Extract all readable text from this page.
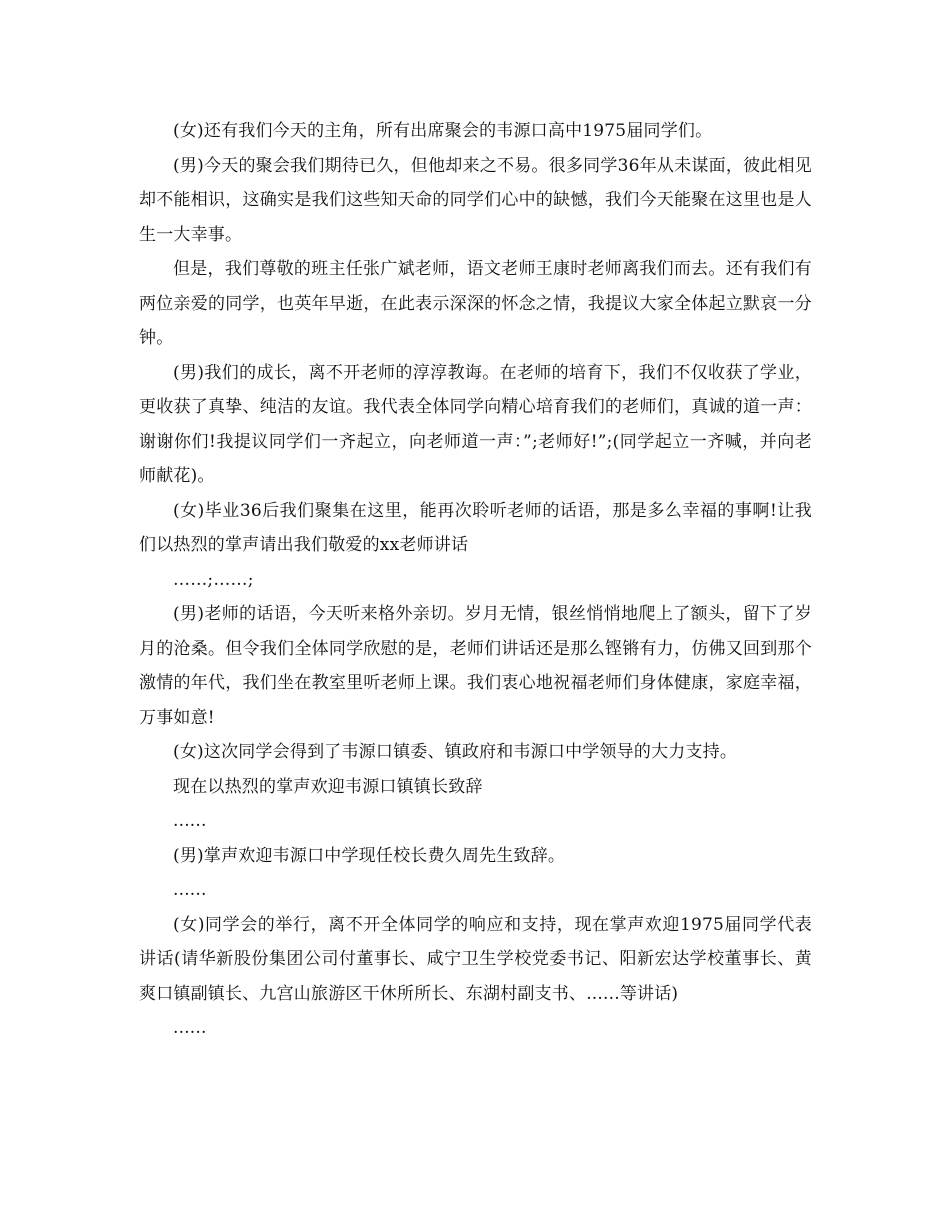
(女)还有我们今天的主角，所有出席聚会的韦源口高中1975届同学们。

(男)今天的聚会我们期待已久，但他却来之不易。很多同学36年从未谋面，彼此相见却不能相识，这确实是我们这些知天命的同学们心中的缺憾，我们今天能聚在这里也是人生一大幸事。

但是，我们尊敬的班主任张广斌老师，语文老师王康时老师离我们而去。还有我们有两位亲爱的同学，也英年早逝，在此表示深深的怀念之情，我提议大家全体起立默哀一分钟。

(男)我们的成长，离不开老师的淳淳教诲。在老师的培育下，我们不仅收获了学业，更收获了真挚、纯洁的友谊。我代表全体同学向精心培育我们的老师们，真诚的道一声：谢谢你们!我提议同学们一齐起立，向老师道一声：”;老师好!”;(同学起立一齐喊，并向老师献花)。

(女)毕业36后我们聚集在这里，能再次聆听老师的话语，那是多么幸福的事啊!让我们以热烈的掌声请出我们敬爱的xx老师讲话

……;……;

(男)老师的话语，今天听来格外亲切。岁月无情，银丝悄悄地爬上了额头，留下了岁月的沧桑。但令我们全体同学欣慰的是，老师们讲话还是那么铿锵有力，仿佛又回到那个激情的年代，我们坐在教室里听老师上课。我们衷心地祝福老师们身体健康，家庭幸福，万事如意!

(女)这次同学会得到了韦源口镇委、镇政府和韦源口中学领导的大力支持。

现在以热烈的掌声欢迎韦源口镇镇长致辞

......

(男)掌声欢迎韦源口中学现任校长费久周先生致辞。

......

(女)同学会的举行，离不开全体同学的响应和支持，现在掌声欢迎1975届同学代表讲话(请华新股份集团公司付董事长、咸宁卫生学校党委书记、阳新宏达学校董事长、黄爽口镇副镇长、九宫山旅游区干休所所长、东湖村副支书、......等讲话)

......
